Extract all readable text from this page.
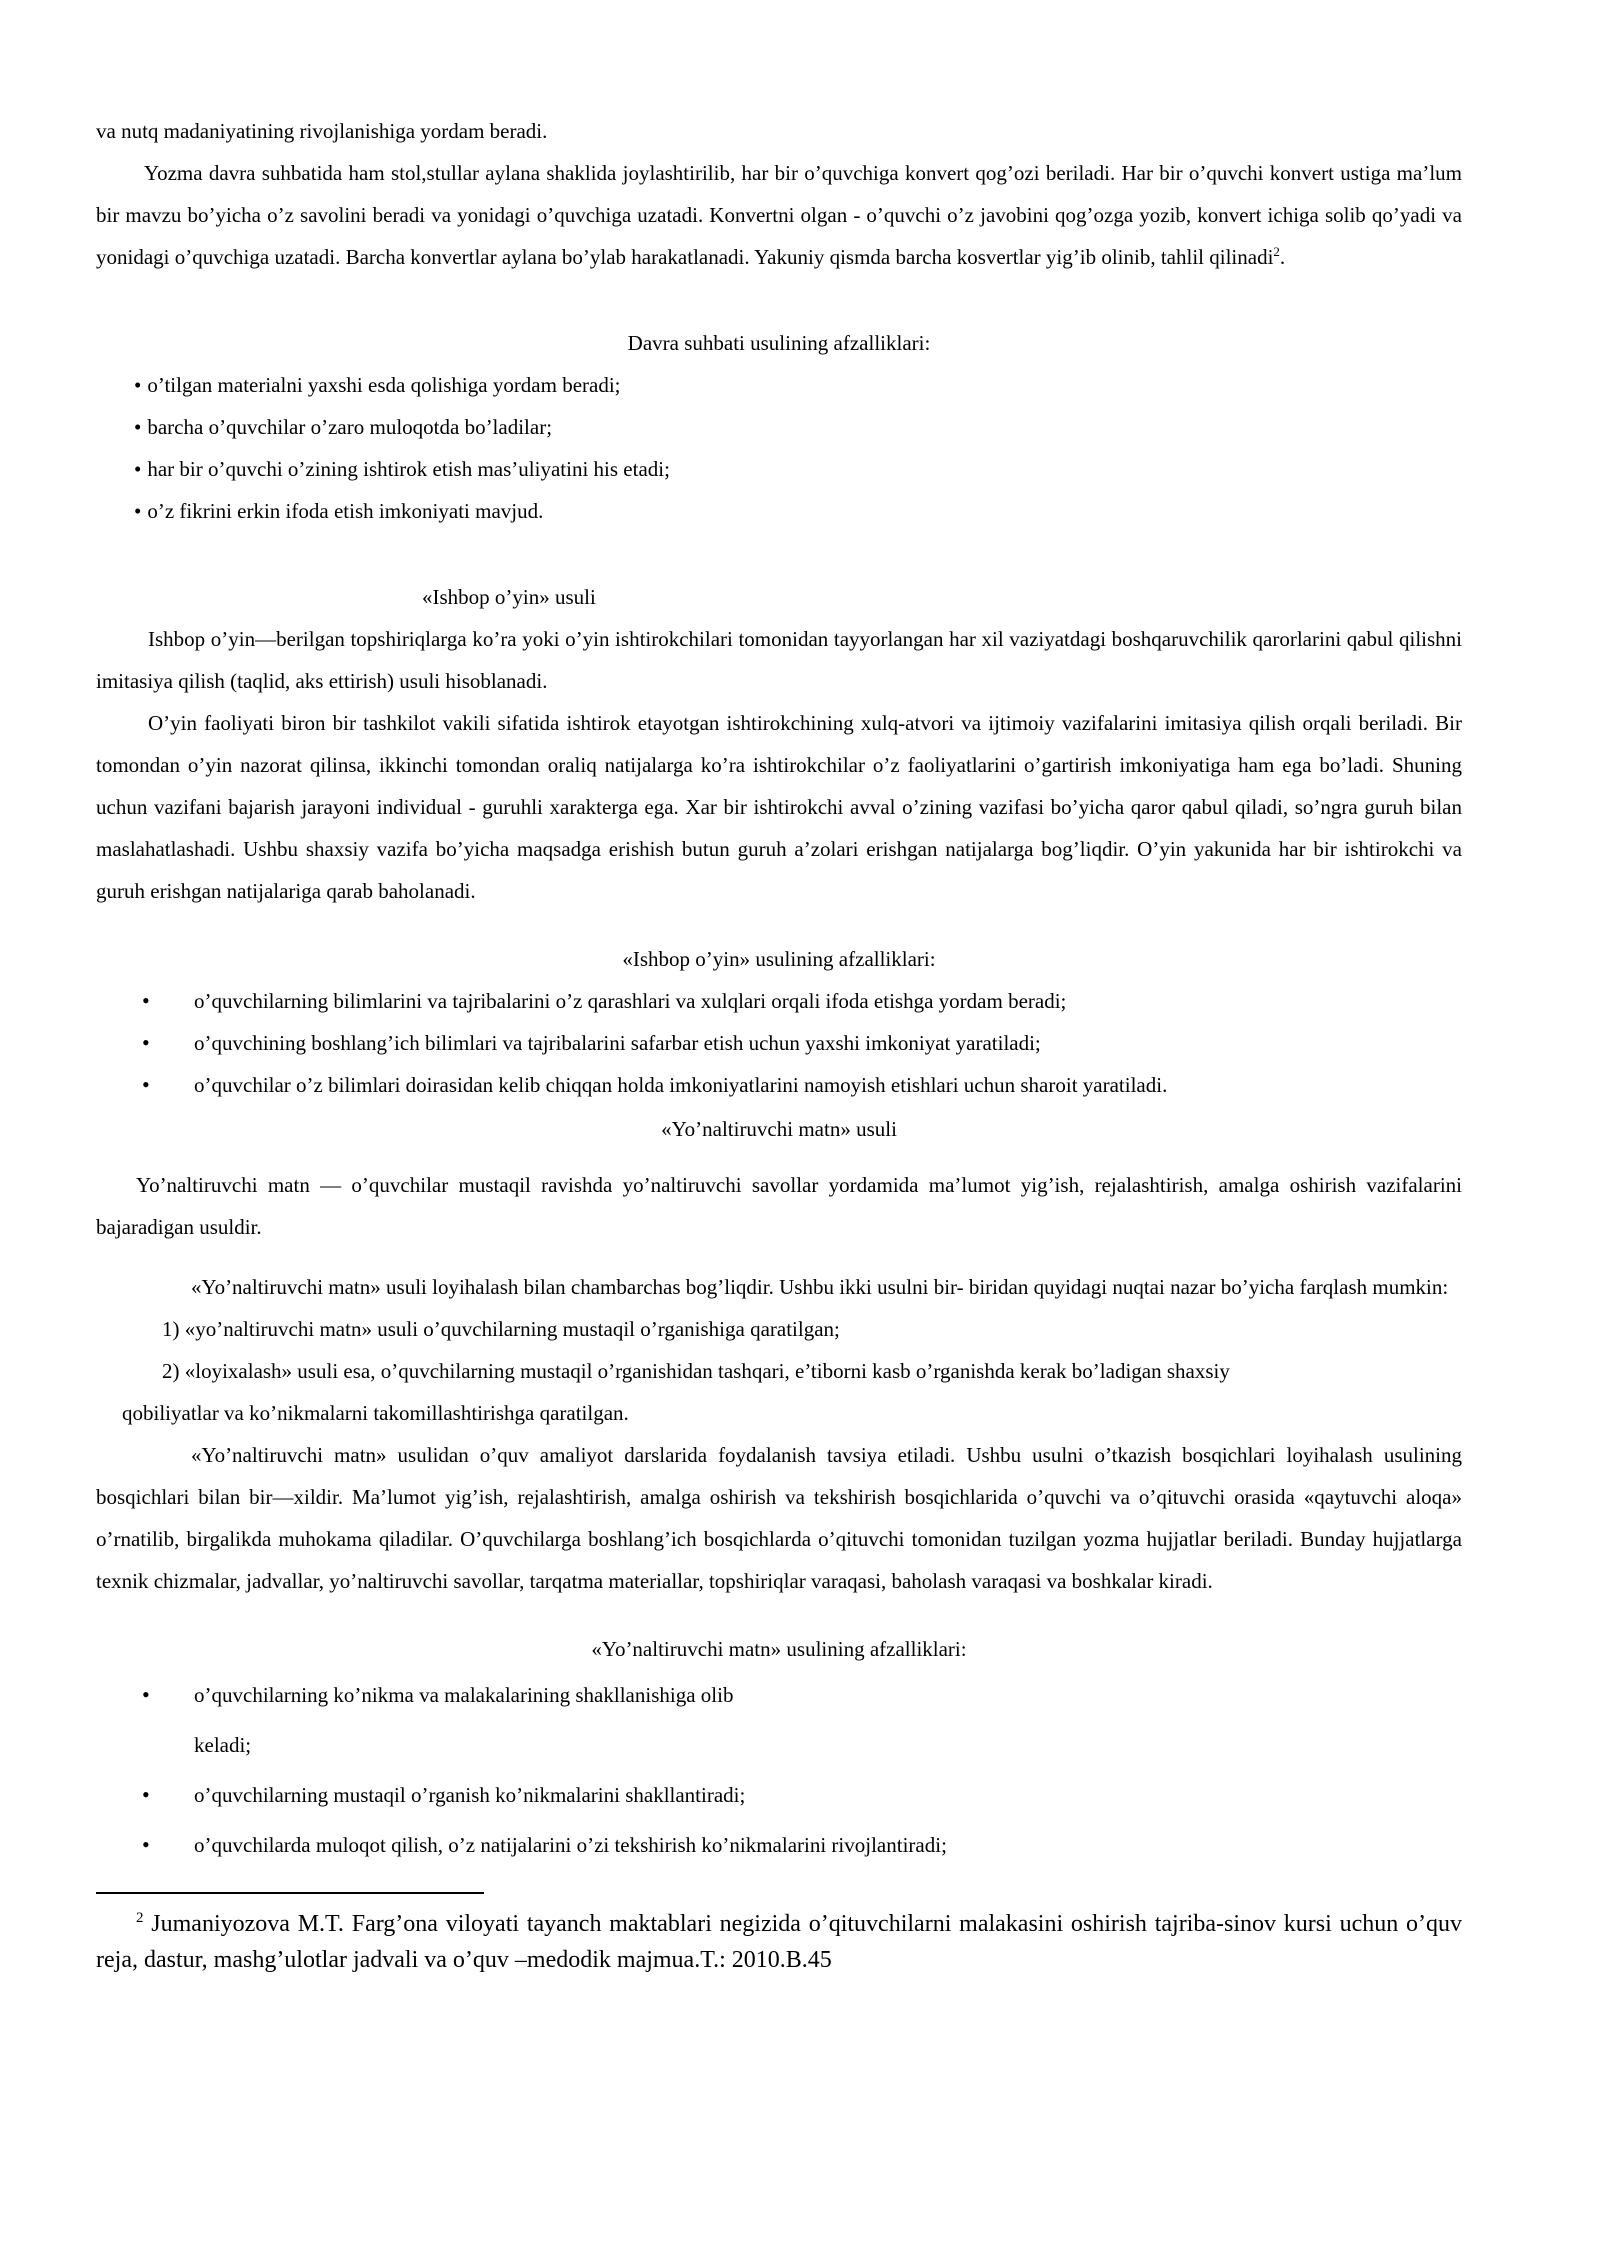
va nutq madaniyatining rivojlanishiga yordam beradi.

Yozma davra suhbatida ham stol,stullar aylana shaklida joylashtirilib, har bir o’quvchiga konvert qog’ozi beriladi. Har bir o’quvchi konvert ustiga ma’lum bir mavzu bo’yicha o’z savolini beradi va yonidagi o’quvchiga uzatadi. Konvertni olgan - o’quvchi o’z javobini qog’ozga yozib, konvert ichiga solib qo’yadi va yonidagi o’quvchiga uzatadi. Barcha konvertlar aylana bo’ylab harakatlanadi. Yakuniy qismda barcha kosvertlar yig’ib olinib, tahlil qilinadi$^2$.

Davra suhbati usulining afzalliklari:

• o’tilgan materialni yaxshi esda qolishiga yordam beradi;
• barcha o’quvchilar o’zaro muloqotda bo’ladilar;
• har bir o’quvchi o’zining ishtirok etish mas’uliyatini his etadi;
• o’z fikrini erkin ifoda etish imkoniyati mavjud.

«Ishbop o’yin» usuli

Ishbop o’yin—berilgan topshiriqlarga ko’ra yoki o’yin ishtirokchilari tomonidan tayyorlangan har xil vaziyatdagi boshqaruvchilik qarorlarini qabul qilishni imitasiya qilish (taqlid, aks ettirish) usuli hisoblanadi.

O’yin faoliyati biron bir tashkilot vakili sifatida ishtirok etayotgan ishtirokchining xulq-atvori va ijtimoiy vazifalarini imitasiya qilish orqali beriladi. Bir tomondan o’yin nazorat qilinsa, ikkinchi tomondan oraliq natijalarga ko’ra ishtirokchilar o’z faoliyatlarini o’gartirish imkoniyatiga ham ega bo’ladi. Shuning uchun vazifani bajarish jarayoni individual - guruhli xarakterga ega. Xar bir ishtirokchi avval o’zining vazifasi bo’yicha qaror qabul qiladi, so’ngra guruh bilan maslahatlashadi. Ushbu shaxsiy vazifa bo’yicha maqsadga erishish butun guruh a’zolari erishgan natijalarga bog’liqdir. O’yin yakunida har bir ishtirokchi va guruh erishgan natijalariga qarab baholanadi.

«Ishbop o’yin» usulining afzalliklari:

• o’quvchilarning bilimlarini va tajribalarini o’z qarashlari va xulqlari orqali ifoda etishga yordam beradi;
• o’quvchining boshlang’ich bilimlari va tajribalarini safarbar etish uchun yaxshi imkoniyat yaratiladi;
• o’quvchilar o’z bilimlari doirasidan kelib chiqqan holda imkoniyatlarini namoyish etishlari uchun sharoit yaratiladi.

«Yo’naltiruvchi matn» usuli

Yo’naltiruvchi matn — o’quvchilar mustaqil ravishda yo’naltiruvchi savollar yordamida ma’lumot yig’ish, rejalashtirish, amalga oshirish vazifalarini bajaradigan usuldir.

«Yo’naltiruvchi matn» usuli loyihalash bilan chambarchas bog’liqdir. Ushbu ikki usulni bir- biridan quyidagi nuqtai nazar bo’yicha farqlash mumkin:

1) «yo’naltiruvchi matn» usuli o’quvchilarning mustaqil o’rganishiga qaratilgan;

2) «loyixalash» usuli esa, o’quvchilarning mustaqil o’rganishidan tashqari, e’tiborni kasb o’rganishda kerak bo’ladigan shaxsiy

qobiliyatlar va ko’nikmalarni takomillashtirishga qaratilgan.

«Yo’naltiruvchi matn» usulidan o’quv amaliyot darslarida foydalanish tavsiya etiladi. Ushbu usulni o’tkazish bosqichlari loyihalash usulining bosqichlari bilan bir—xildir. Ma’lumot yig’ish, rejalashtirish, amalga oshirish va tekshirish bosqichlarida o’quvchi va o’qituvchi orasida «qaytuvchi aloqa» o’rnatilib, birgalikda muhokama qiladilar. O’quvchilarga boshlang’ich bosqichlarda o’qituvchi tomonidan tuzilgan yozma hujjatlar beriladi. Bunday hujjatlarga texnik chizmalar, jadvallar, yo’naltiruvchi savollar, tarqatma materiallar, topshiriqlar varaqasi, baholash varaqasi va boshkalar kiradi.

«Yo’naltiruvchi matn» usulining afzalliklari:

• o’quvchilarning ko’nikma va malakalarining shakllanishiga olib
keladi;
• o’quvchilarning mustaqil o’rganish ko’nikmalarini shakllantiradi;
• o’quvchilarda muloqot qilish, o’z natijalarini o’zi tekshirish ko’nikmalarini rivojlantiradi;

$^2$ Jumaniyozova M.T. Farg’ona viloyati tayanch maktablari negizida o’qituvchilarni malakasini oshirish tajriba-sinov kursi uchun o’quv reja, dastur, mashg’ulotlar jadvali va o’quv –medodik majmua.T.: 2010.B.45
